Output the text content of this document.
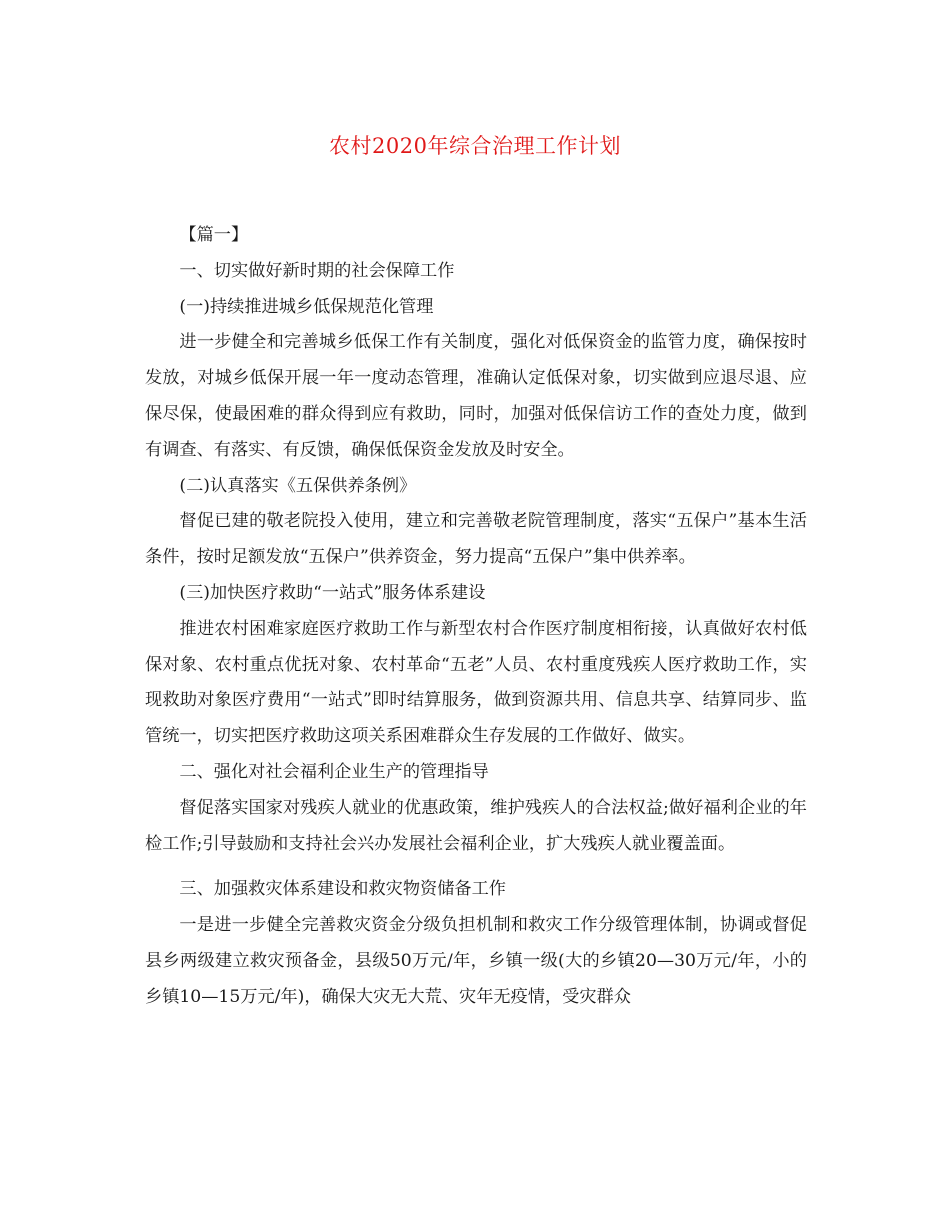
农村2020年综合治理工作计划

【篇一】

一、切实做好新时期的社会保障工作

(一)持续推进城乡低保规范化管理

进一步健全和完善城乡低保工作有关制度，强化对低保资金的监管力度，确保按时发放，对城乡低保开展一年一度动态管理，准确认定低保对象，切实做到应退尽退、应保尽保，使最困难的群众得到应有救助，同时，加强对低保信访工作的查处力度，做到有调查、有落实、有反馈，确保低保资金发放及时安全。

(二)认真落实《五保供养条例》

督促已建的敬老院投入使用，建立和完善敬老院管理制度，落实“五保户”基本生活条件，按时足额发放“五保户”供养资金，努力提高“五保户”集中供养率。

(三)加快医疗救助“一站式”服务体系建设

推进农村困难家庭医疗救助工作与新型农村合作医疗制度相衔接，认真做好农村低保对象、农村重点优抚对象、农村革命“五老”人员、农村重度残疾人医疗救助工作，实现救助对象医疗费用“一站式”即时结算服务，做到资源共用、信息共享、结算同步、监管统一，切实把医疗救助这项关系困难群众生存发展的工作做好、做实。

二、强化对社会福利企业生产的管理指导

督促落实国家对残疾人就业的优惠政策，维护残疾人的合法权益;做好福利企业的年检工作;引导鼓励和支持社会兴办发展社会福利企业，扩大残疾人就业覆盖面。

三、加强救灾体系建设和救灾物资储备工作

一是进一步健全完善救灾资金分级负担机制和救灾工作分级管理体制，协调或督促县乡两级建立救灾预备金，县级50万元/年，乡镇一级(大的乡镇20—30万元/年，小的乡镇10—15万元/年)，确保大灾无大荒、灾年无疫情，受灾群众
